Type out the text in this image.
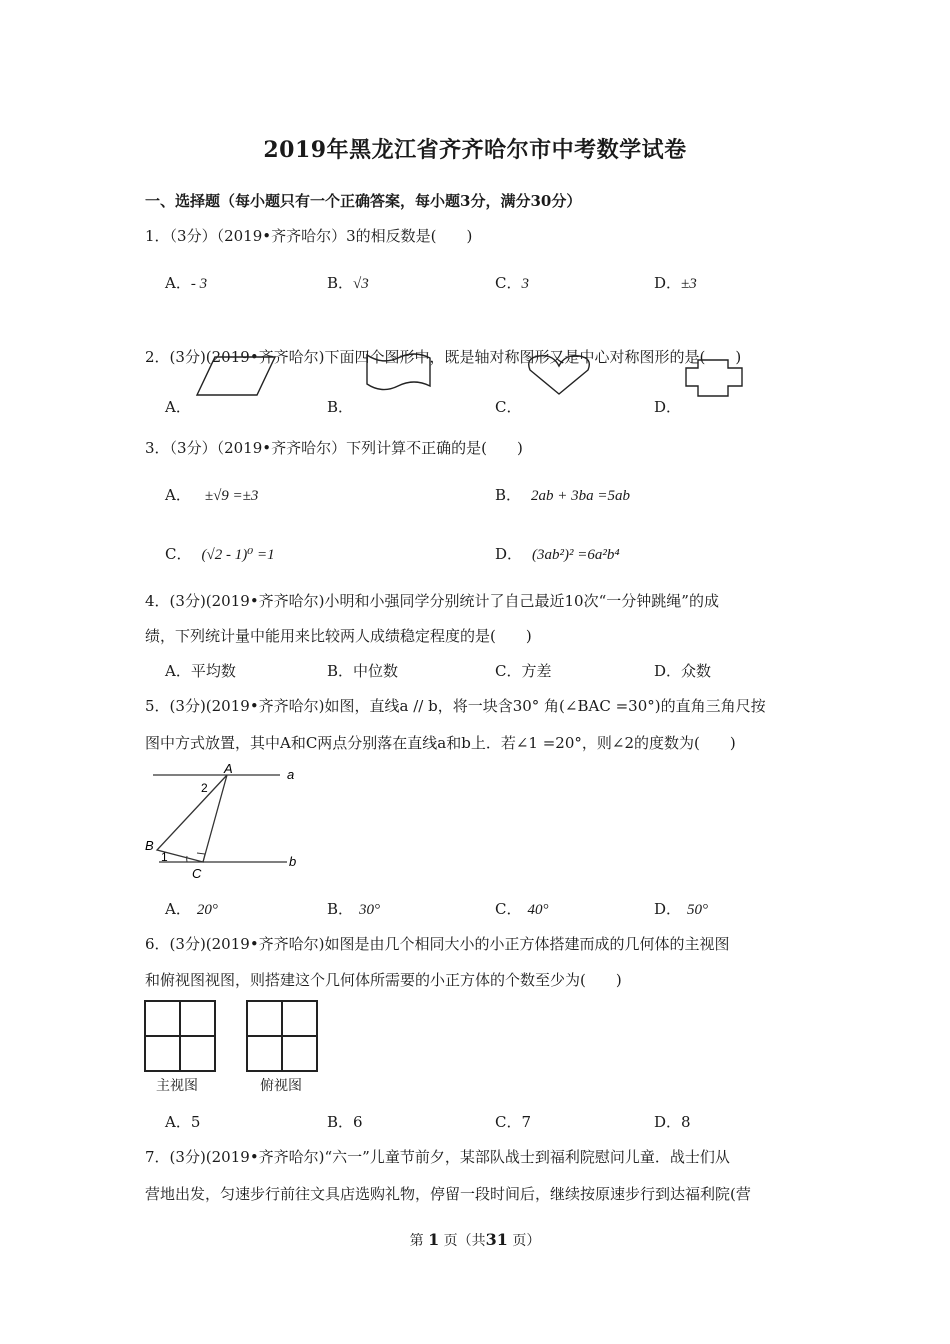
2019年黑龙江省齐齐哈尔市中考数学试卷
一、选择题（每小题只有一个正确答案，每小题3分，满分30分）
1．（3分）（2019•齐齐哈尔）3的相反数是(　　)
A．- 3	B．√3	C．3	D．±3
2．(3分)(2019•齐齐哈尔)下面四个图形中，既是轴对称图形又是中心对称图形的是(　　)
A．	B．	C．	D．
3．（3分）（2019•齐齐哈尔）下列计算不正确的是(　　)
A． ±√9 =±3	B． 2ab + 3ba =5ab
C． (√2 - 1)⁰ =1	D． (3ab²)² =6a²b⁴
4．(3分)(2019•齐齐哈尔)小明和小强同学分别统计了自己最近10次“一分钟跳绳”的成
绩，下列统计量中能用来比较两人成绩稳定程度的是(　　)
A．平均数	B．中位数	C．方差	D．众数
5．(3分)(2019•齐齐哈尔)如图，直线a // b，将一块含30° 角(∠BAC =30°)的直角三角尺按
图中方式放置，其中A和C两点分别落在直线a和b上．若∠1 =20°，则∠2的度数为(　　)
A	a
B
C
b
1
2
A． 20°	B． 30°	C． 40°	D． 50°
6．(3分)(2019•齐齐哈尔)如图是由几个相同大小的小正方体搭建而成的几何体的主视图
和俯视图视图，则搭建这个几何体所需要的小正方体的个数至少为(　　)
主视图	俯视图
A．5	B．6	C．7	D．8
7．(3分)(2019•齐齐哈尔)“六一”儿童节前夕，某部队战士到福利院慰问儿童．战士们从
营地出发，匀速步行前往文具店选购礼物，停留一段时间后，继续按原速步行到达福利院(营
第 1 页（共31 页）
